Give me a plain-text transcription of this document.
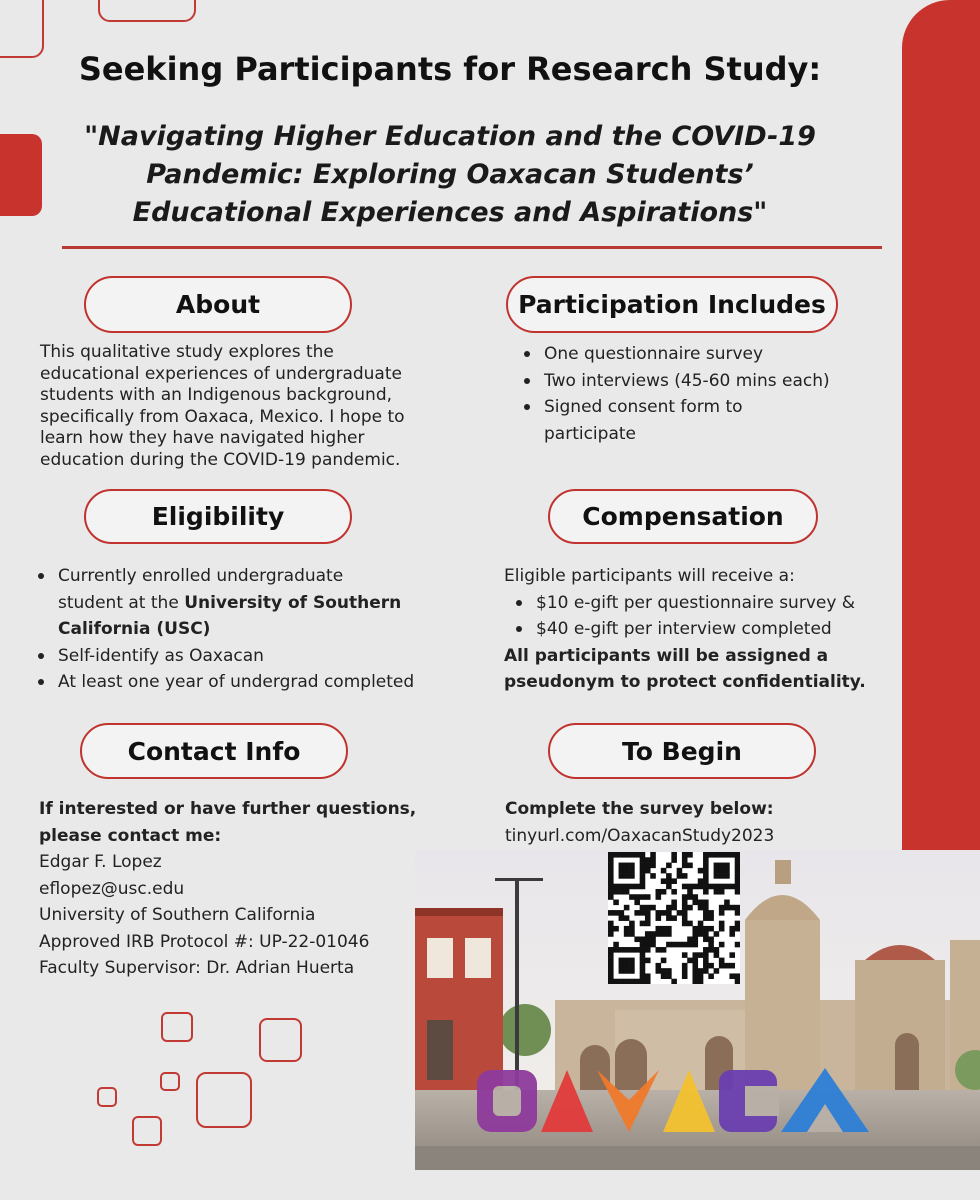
Seeking Participants for Research Study:
"Navigating Higher Education and the COVID-19
Pandemic: Exploring Oaxacan Students’
Educational Experiences and Aspirations"
About
This qualitative study explores the
educational experiences of undergraduate
students with an Indigenous background,
specifically from Oaxaca, Mexico. I hope to
learn how they have navigated higher
education during the COVID-19 pandemic.
Participation Includes
One questionnaire survey
Two interviews (45-60 mins each)
Signed consent form to
participate
Eligibility
Currently enrolled undergraduate
student at the University of Southern
California (USC)
Self-identify as Oaxacan
At least one year of undergrad completed
Compensation
Eligible participants will receive a:
$10 e-gift per questionnaire survey &
$40 e-gift per interview completed
All participants will be assigned a
pseudonym to protect confidentiality.
Contact Info
If interested or have further questions,
please contact me:
Edgar F. Lopez
eflopez@usc.edu
University of Southern California
Approved IRB Protocol #: UP-22-01046
Faculty Supervisor: Dr. Adrian Huerta
To Begin
Complete the survey below:
tinyurl.com/OaxacanStudy2023
